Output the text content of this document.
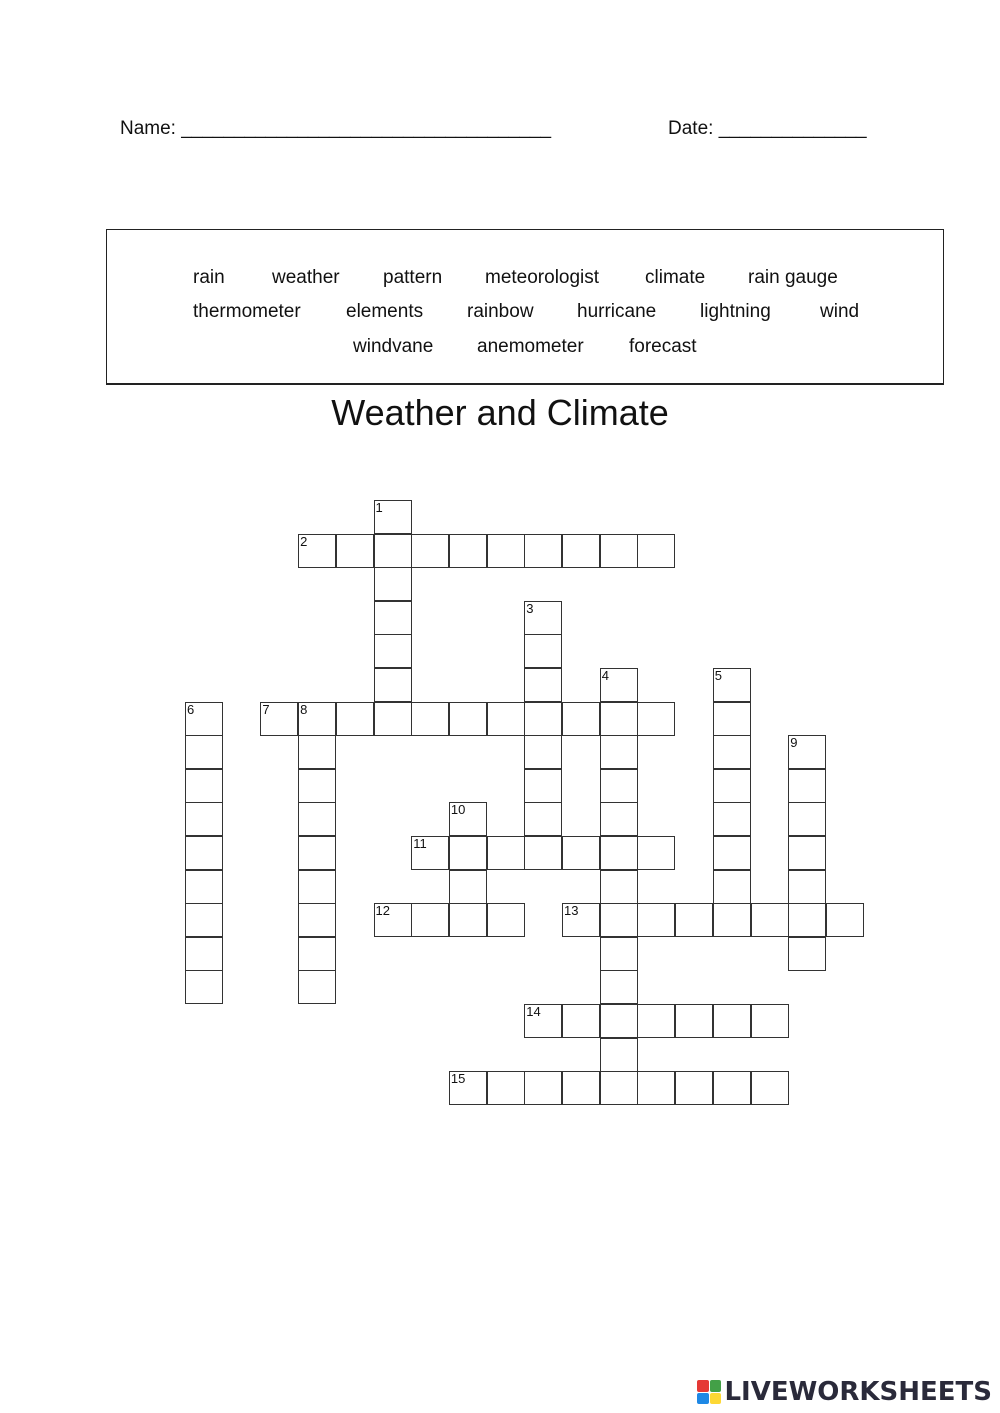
Name: ___________________________________	Date: ______________
rain weather pattern meteorologist climate rain gauge
thermometer elements rainbow hurricane lightning	wind
windvane anemometer forecast
Weather and Climate
1
2
3
4	5
6	7 8
9
10
11
12	13
14
15
LIVEWORKSHEETS
